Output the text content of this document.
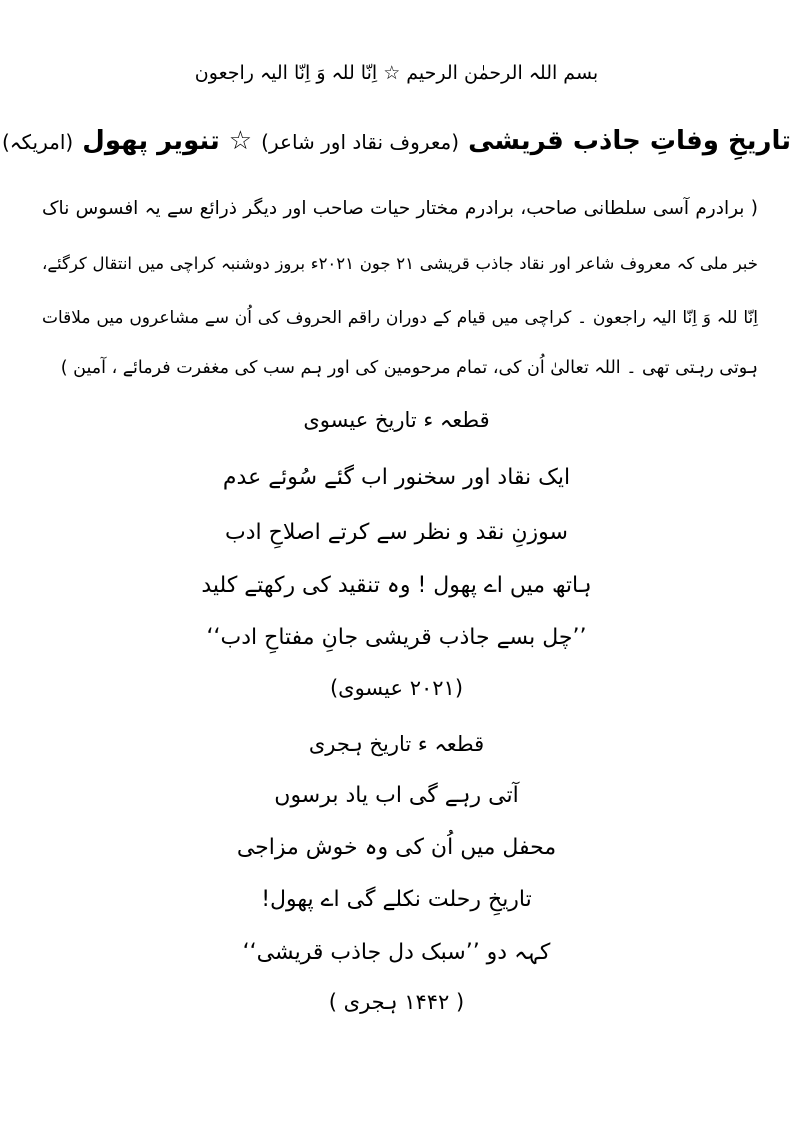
بسم اللہ الرحمٰن الرحیم ☆ اِنّا للہ وَ اِنّا الیہ راجعون
تاریخِ وفاتِ جاذب قریشی (معروف نقاد اور شاعر) ☆ تنویر پھول (امریکہ)
( برادرم آسی سلطانی صاحب، برادرم مختار حیات صاحب اور دیگر ذرائع سے یہ افسوس ناک
خبر ملی کہ معروف شاعر اور نقاد جاذب قریشی ۲۱ جون ۲۰۲۱ء بروز دوشنبہ کراچی میں انتقال کرگئے،
اِنّا للہ وَ اِنّا الیہ راجعون ۔ کراچی میں قیام کے دوران راقم الحروف کی اُن سے مشاعروں میں ملاقات
ہوتی رہتی تھی ۔ اللہ تعالیٰ اُن کی، تمام مرحومین کی اور ہم سب کی مغفرت فرمائے ، آمین )
قطعہ ء تاریخ عیسوی
ایک نقاد اور سخنور اب گئے سُوئے عدم
سوزنِ نقد و نظر سے کرتے اصلاحِ ادب
ہاتھ میں اے پھول ! وہ تنقید کی رکھتے کلید
’’چل بسے جاذب قریشی جانِ مفتاحِ ادب‘‘
(۲۰۲۱ عیسوی)
قطعہ ء تاریخ ہجری
آتی رہے گی اب یاد برسوں
محفل میں اُن کی وہ خوش مزاجی
تاریخِ رحلت نکلے گی اے پھول!
کہہ دو ’’سبک دل جاذب قریشی‘‘
( ۱۴۴۲ ہجری )
